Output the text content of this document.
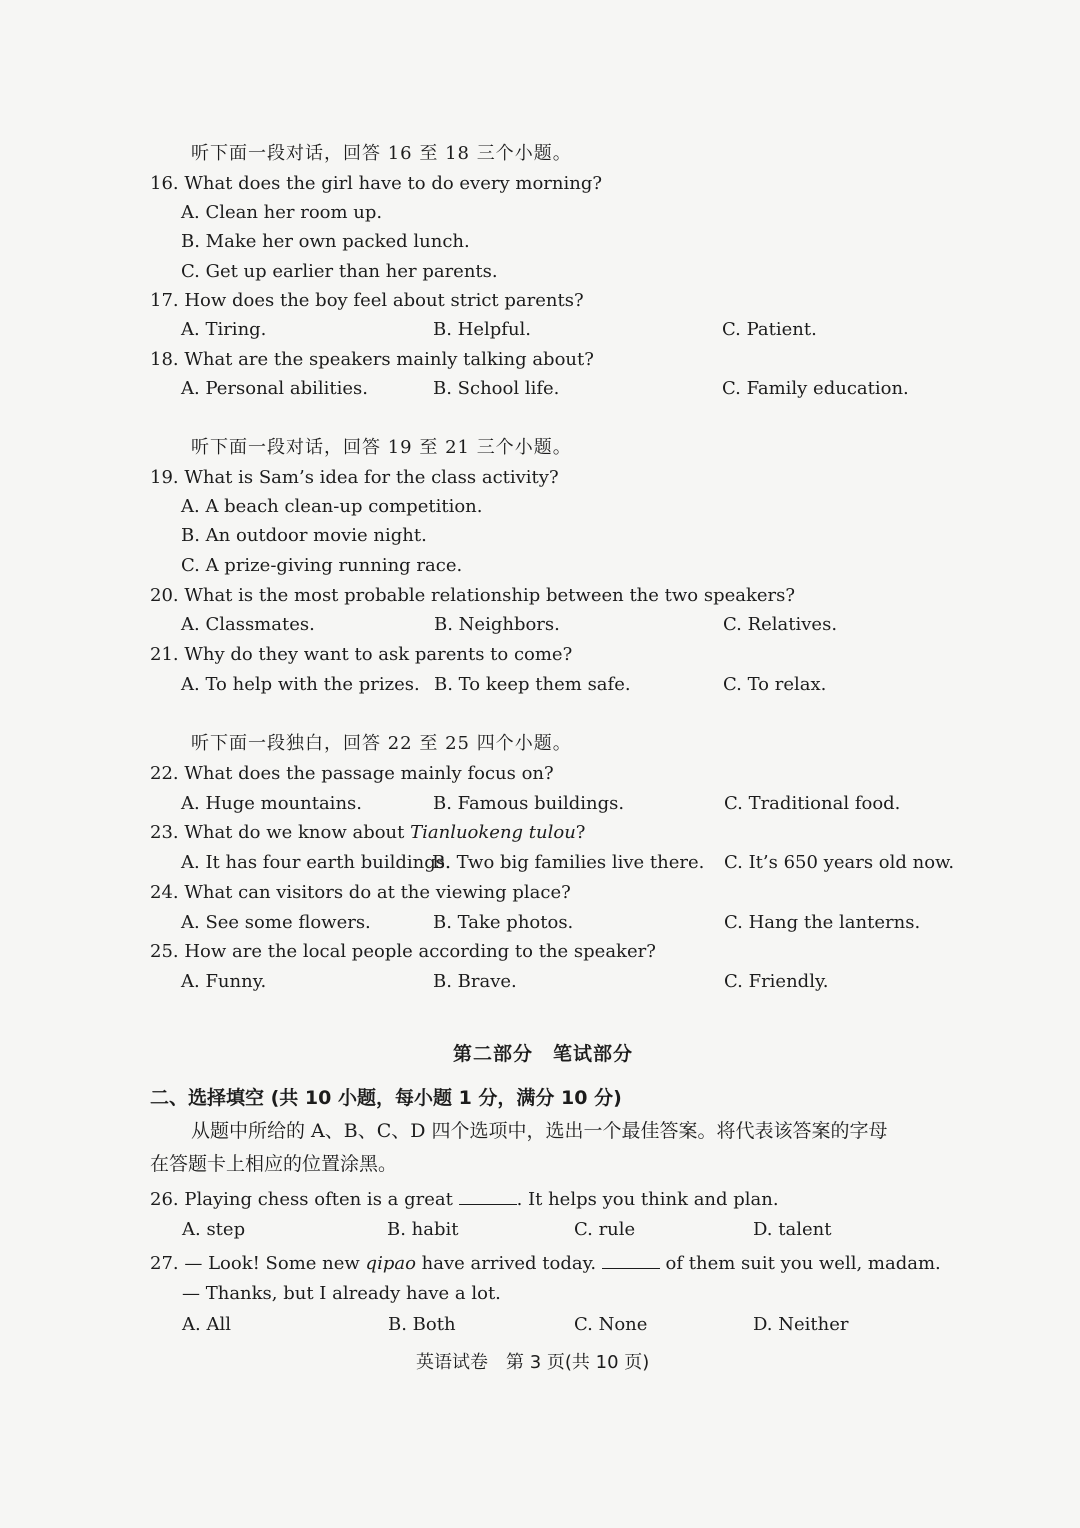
听下面一段对话，回答 16 至 18 三个小题。
16. What does the girl have to do every morning?
A. Clean her room up.
B. Make her own packed lunch.
C. Get up earlier than her parents.
17. How does the boy feel about strict parents?
A. Tiring.	B. Helpful.	C. Patient.
18. What are the speakers mainly talking about?
A. Personal abilities.	B. School life.	C. Family education.
听下面一段对话，回答 19 至 21 三个小题。
19. What is Sam’s idea for the class activity?
A. A beach clean-up competition.
B. An outdoor movie night.
C. A prize-giving running race.
20. What is the most probable relationship between the two speakers?
A. Classmates.	B. Neighbors.	C. Relatives.
21. Why do they want to ask parents to come?
A. To help with the prizes. B. To keep them safe.	C. To relax.
听下面一段独白，回答 22 至 25 四个小题。
22. What does the passage mainly focus on?
A. Huge mountains.	B. Famous buildings.	C. Traditional food.
23. What do we know about Tianluokeng tulou?
A. It has four earth buildings.
B. Two big families live there. C. It’s 650 years old now.
24. What can visitors do at the viewing place?
A. See some flowers.	B. Take photos.	C. Hang the lanterns.
25. How are the local people according to the speaker?
A. Funny.	B. Brave.	C. Friendly.
第二部分　笔试部分
二、选择填空 (共 10 小题，每小题 1 分，满分 10 分)
从题中所给的 A、B、C、D 四个选项中，选出一个最佳答案。将代表该答案的字母
在答题卡上相应的位置涂黑。
26. Playing chess often is a great	. It helps you think and plan.
A. step	B. habit	C. rule	D. talent
27. — Look! Some new qipao have arrived today.	of them suit you well, madam.
— Thanks, but I already have a lot.
A. All	B. Both	C. None	D. Neither
英语试卷　第 3 页(共 10 页)
